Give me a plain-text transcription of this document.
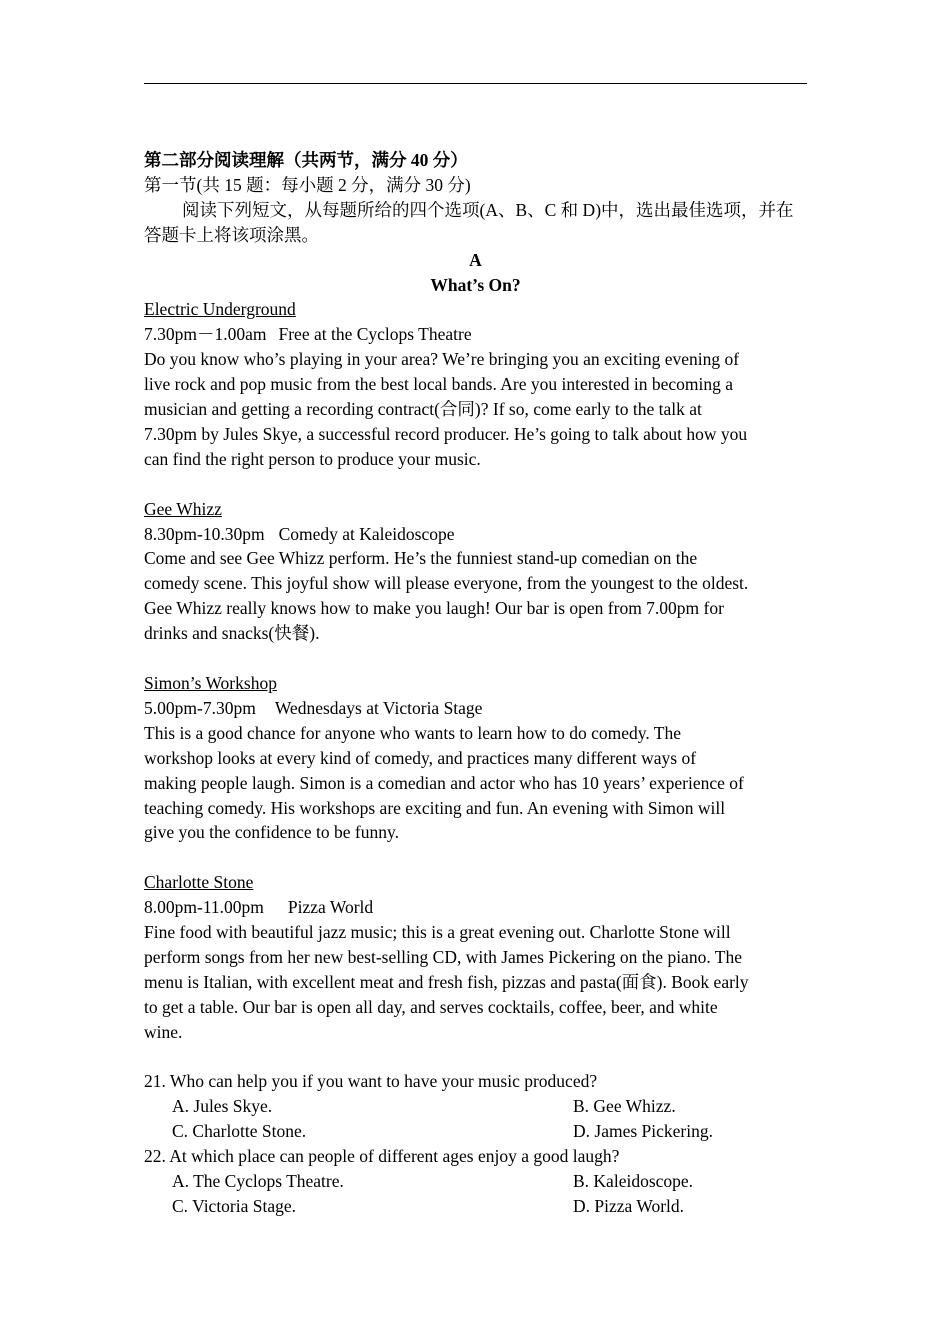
第二部分阅读理解（共两节，满分 40 分）
第一节(共 15 题：每小题 2 分，满分 30 分)
阅读下列短文，从每题所给的四个选项(A、B、C 和 D)中，选出最佳选项，并在答题卡上将该项涂黑。
A
What’s On?
Electric Underground
7.30pm－1.00am Free at the Cyclops Theatre
Do you know who’s playing in your area? We’re bringing you an exciting evening of
live rock and pop music from the best local bands. Are you interested in becoming a
musician and getting a recording contract(合同)? If so, come early to the talk at
7.30pm by Jules Skye, a successful record producer. He’s going to talk about how you
can find the right person to produce your music.
Gee Whizz
8.30pm-10.30pm Comedy at Kaleidoscope
Come and see Gee Whizz perform. He’s the funniest stand-up comedian on the
comedy scene. This joyful show will please everyone, from the youngest to the oldest.
Gee Whizz really knows how to make you laugh! Our bar is open from 7.00pm for
drinks and snacks(快餐).
Simon’s Workshop
5.00pm-7.30pm Wednesdays at Victoria Stage
This is a good chance for anyone who wants to learn how to do comedy. The
workshop looks at every kind of comedy, and practices many different ways of
making people laugh. Simon is a comedian and actor who has 10 years’ experience of
teaching comedy. His workshops are exciting and fun. An evening with Simon will
give you the confidence to be funny.
Charlotte Stone
8.00pm-11.00pm Pizza World
Fine food with beautiful jazz music; this is a great evening out. Charlotte Stone will
perform songs from her new best-selling CD, with James Pickering on the piano. The
menu is Italian, with excellent meat and fresh fish, pizzas and pasta(面食). Book early
to get a table. Our bar is open all day, and serves cocktails, coffee, beer, and white
wine.
21. Who can help you if you want to have your music produced?
A. Jules Skye.	B. Gee Whizz.
C. Charlotte Stone.	D. James Pickering.
22. At which place can people of different ages enjoy a good laugh?
A. The Cyclops Theatre.	B. Kaleidoscope.
C. Victoria Stage.	D. Pizza World.
